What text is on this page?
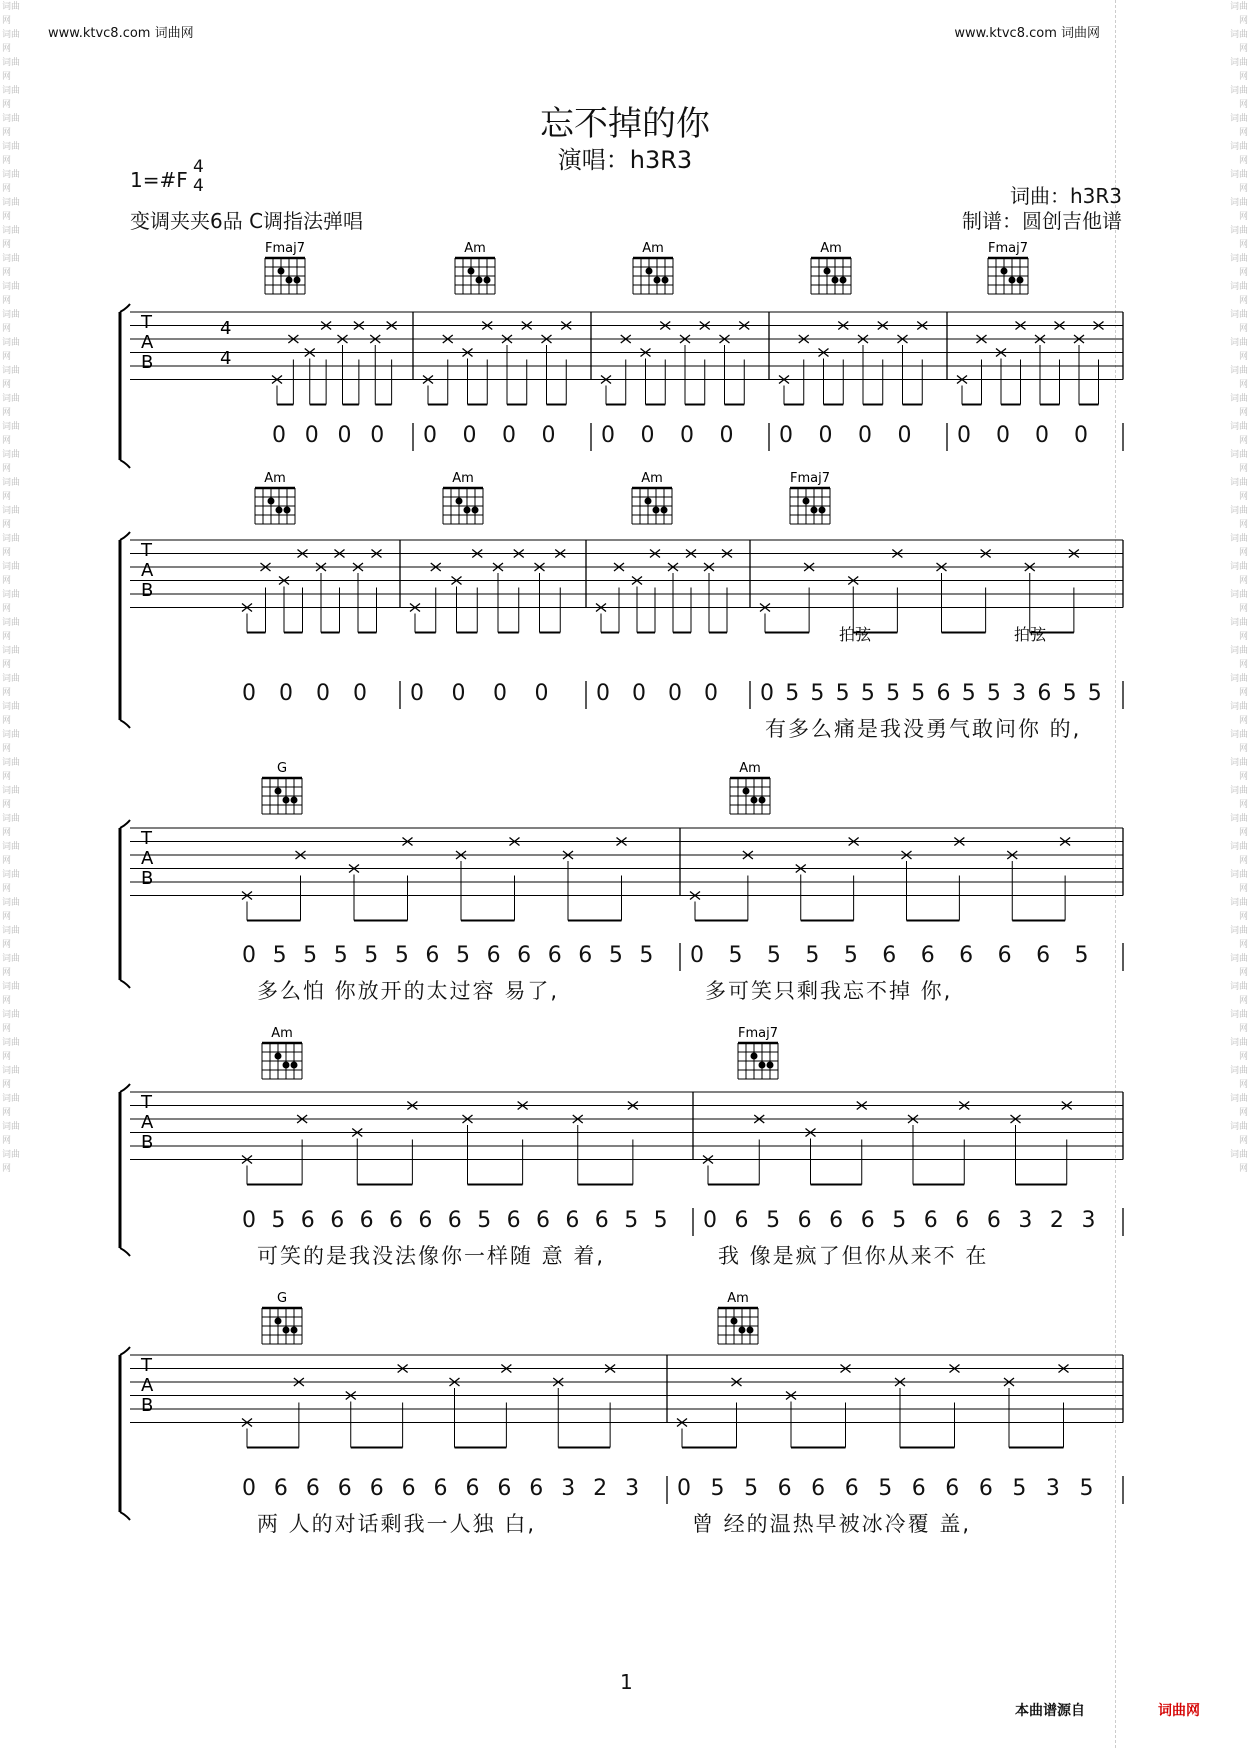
www.ktvc8.com 词曲网	www.ktvc8.com 词曲网
词曲网
词曲网
词曲网
词曲网
词曲网
词曲网
词曲网
词曲网
词曲网
词曲网
词曲网
词曲网
词曲网
词曲网
词曲网
词曲网
词曲网
词曲网
词曲网
词曲网
词曲网
词曲网
词曲网
词曲网
词曲网
词曲网
词曲网
词曲网
词曲网
词曲网
词曲网
词曲网
词曲网
词曲网
词曲网
词曲网
词曲网
词曲网
词曲网
词曲网
词曲网
词曲网

词曲网
词曲网
词曲网
词曲网
词曲网
词曲网
词曲网
词曲网
词曲网
词曲网
词曲网
词曲网
词曲网
词曲网
词曲网
词曲网
词曲网
词曲网
词曲网
词曲网
词曲网
词曲网
词曲网
词曲网
词曲网
词曲网
词曲网
词曲网
词曲网
词曲网
词曲网
词曲网
词曲网
词曲网
词曲网
词曲网
词曲网
词曲网
词曲网
词曲网
词曲网
词曲网

忘不掉的你
演唱：h3R3
1=#F
4
4
变调夹夹6品 C调指法弹唱
词曲：h3R3
制谱：圆创吉他谱
T
A
B
4
4
Fmaj7	Am	Am	Am	Fmaj7
T
A
B
Am	Am	Am	Fmaj7
T
A
B
G	Am
T
A
B
Am	Fmaj7
T
A
B
G	Am
拍弦	拍弦
0 0 0 0 0 0 0 0 0 0 0 0 0 0 0 0 0 0 0 0
0 0 0 0 0 0 0 0 0 0 0 0 0 5 5 5 5 5 5 6 5 5 3 6 5 5
有多么痛是我没勇气敢问你 的,
0 5 5 5 5 5 6 5 6 6 6 6 5 5 0 5 5 5 5 6 6 6 6 6 5
多么怕 你放开的太过容 易了,	多可笑只剩我忘不掉 你,
0 5 6 6 6 6 6 6 5 6 6 6 6 5 5 0 6 5 6 6 6 5 6 6 6 3 2 3
可笑的是我没法像你一样随 意 着,	我 像是疯了但你从来不 在
0 6 6 6 6 6 6 6 6 6 3 2 3 0 5 5 6 6 6 5 6 6 6 5 3 5
两 人的对话剩我一人独 白,	曾 经的温热早被冰冷覆 盖,
1
本曲谱源自	词曲网
